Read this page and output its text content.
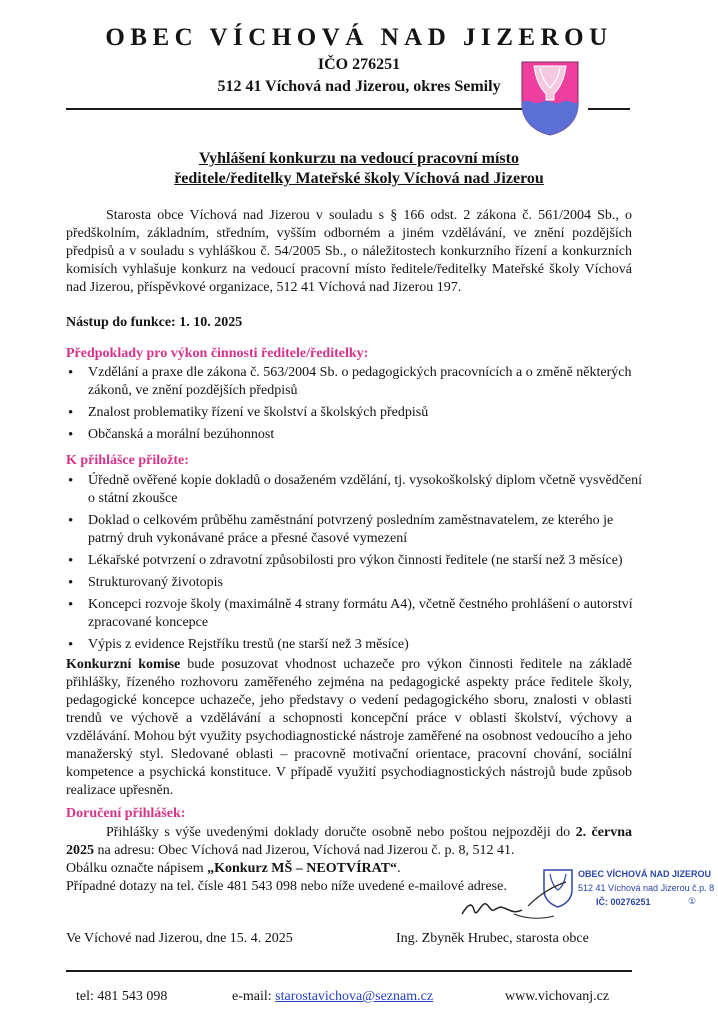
OBEC VÍCHOVÁ NAD JIZEROU
IČO 276251
512 41 Víchová nad Jizerou, okres Semily
Vyhlášení konkurzu na vedoucí pracovní místo
ředitele/ředitelky Mateřské školy Víchová nad Jizerou
Starosta obce Víchová nad Jizerou v souladu s § 166 odst. 2 zákona č. 561/2004 Sb., o předškolním, základním, středním, vyšším odborném a jiném vzdělávání, ve znění pozdějších předpisů a v souladu s vyhláškou č. 54/2005 Sb., o náležitostech konkurzního řízení a konkurzních komisích vyhlašuje konkurz na vedoucí pracovní místo ředitele/ředitelky Mateřské školy Víchová nad Jizerou, příspěvkové organizace, 512 41 Víchová nad Jizerou 197.
Nástup do funkce: 1. 10. 2025
Předpoklady pro výkon činnosti ředitele/ředitelky:
• Vzdělání a praxe dle zákona č. 563/2004 Sb. o pedagogických pracovnících a o změně některých zákonů, ve znění pozdějších předpisů
• Znalost problematiky řízení ve školství a školských předpisů
• Občanská a morální bezúhonnost
K přihlášce přiložte:
• Úředně ověřené kopie dokladů o dosaženém vzdělání, tj. vysokoškolský diplom včetně vysvědčení o státní zkoušce
• Doklad o celkovém průběhu zaměstnání potvrzený posledním zaměstnavatelem, ze kterého je patrný druh vykonávané práce a přesné časové vymezení
• Lékařské potvrzení o zdravotní způsobilosti pro výkon činnosti ředitele (ne starší než 3 měsíce)
• Strukturovaný životopis
• Koncepci rozvoje školy (maximálně 4 strany formátu A4), včetně čestného prohlášení o autorství zpracované koncepce
• Výpis z evidence Rejstříku trestů (ne starší než 3 měsíce)
Konkurzní komise bude posuzovat vhodnost uchazeče pro výkon činnosti ředitele na základě přihlášky, řízeného rozhovoru zaměřeného zejména na pedagogické aspekty práce ředitele školy, pedagogické koncepce uchazeče, jeho představy o vedení pedagogického sboru, znalosti v oblasti trendů ve výchově a vzdělávání a schopnosti koncepční práce v oblasti školství, výchovy a vzdělávání. Mohou být využity psychodiagnostické nástroje zaměřené na osobnost vedoucího a jeho manažerský styl. Sledované oblasti – pracovně motivační orientace, pracovní chování, sociální kompetence a psychická konstituce. V případě využití psychodiagnostických nástrojů bude způsob realizace upřesněn.
Doručení přihlášek:
Přihlášky s výše uvedenými doklady doručte osobně nebo poštou nejpozději do 2. června 2025 na adresu: Obec Víchová nad Jizerou, Víchová nad Jizerou č. p. 8, 512 41.
Obálku označte nápisem „Konkurz MŠ – NEOTVÍRAT“.
Případné dotazy na tel. čísle 481 543 098 nebo níže uvedené e-mailové adrese.
OBEC VÍCHOVÁ NAD JIZEROU
512 41 Víchová nad Jizerou č.p. 8
IČ: 00276251	①
Ve Víchové nad Jizerou, dne 15. 4. 2025	Ing. Zbyněk Hrubec, starosta obce
tel: 481 543 098	e-mail: starostavichova@seznam.cz	www.vichovanj.cz
